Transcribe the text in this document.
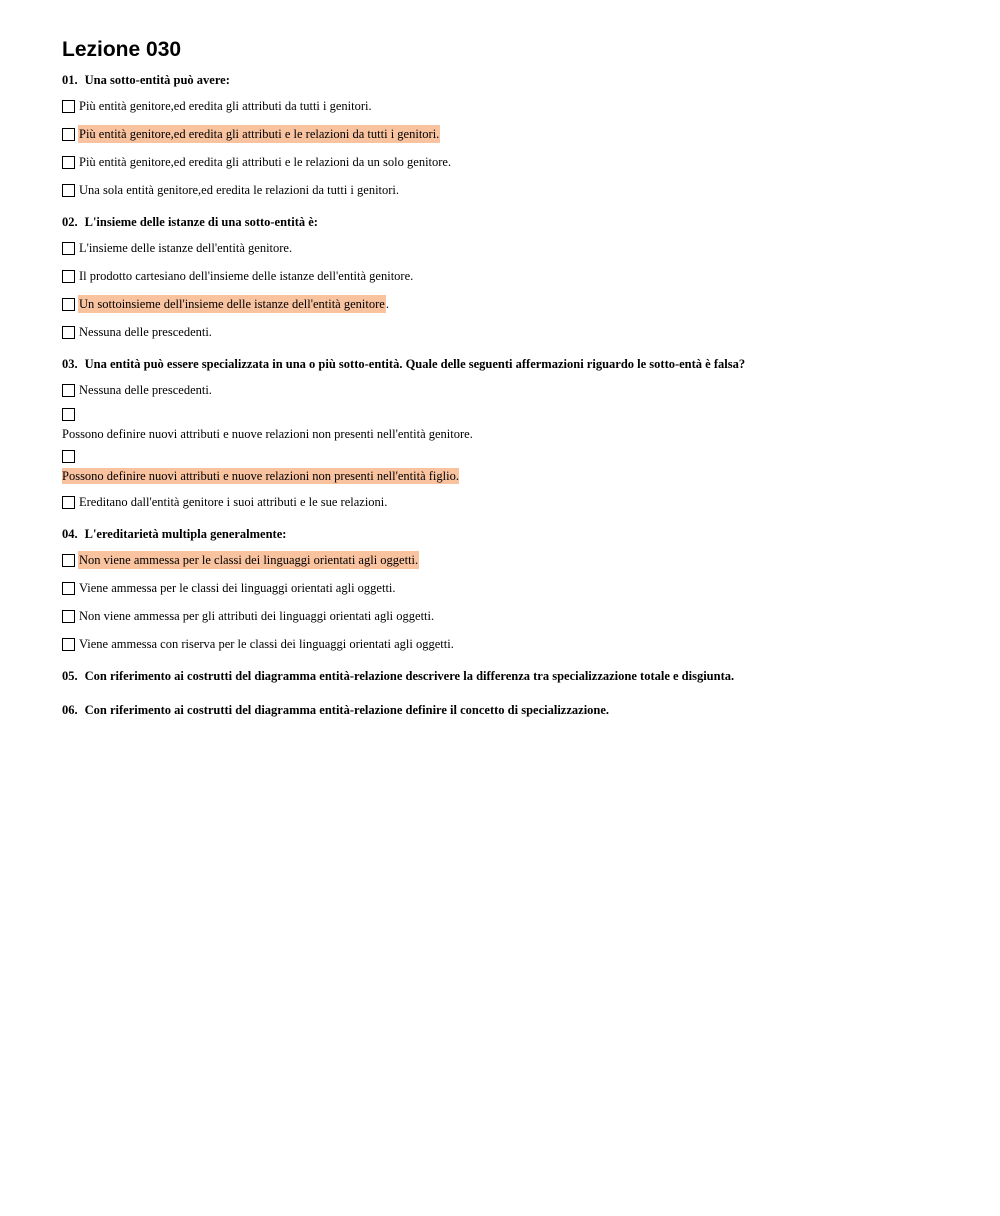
Lezione 030
01. Una sotto-entità può avere:
Più entità genitore,ed eredita gli attributi da tutti i genitori.
Più entità genitore,ed eredita gli attributi e le relazioni da tutti i genitori.
Più entità genitore,ed eredita gli attributi e le relazioni da un solo genitore.
Una sola entità genitore,ed eredita le relazioni da tutti i genitori.
02. L'insieme delle istanze di una sotto-entità è:
L'insieme delle istanze dell'entità genitore.
Il prodotto cartesiano dell'insieme delle istanze dell'entità genitore.
Un sottoinsieme dell'insieme delle istanze dell'entità genitore .
Nessuna delle prescedenti.
03. Una entità può essere specializzata in una o più sotto-entità. Quale delle seguenti affermazioni riguardo le sotto-entà è falsa?
Nessuna delle prescedenti.
Possono definire nuovi attributi e nuove relazioni non presenti nell'entità genitore.
Possono definire nuovi attributi e nuove relazioni non presenti nell'entità figlio.
Ereditano dall'entità genitore i suoi attributi e le sue relazioni.
04. L'ereditarietà multipla generalmente:
Non viene ammessa per le classi dei linguaggi orientati agli oggetti.
Viene ammessa per le classi dei linguaggi orientati agli oggetti.
Non viene ammessa per gli attributi dei linguaggi orientati agli oggetti.
Viene ammessa con riserva per le classi dei linguaggi orientati agli oggetti.
05. Con riferimento ai costrutti del diagramma entità-relazione descrivere la differenza tra specializzazione totale e disgiunta.
06. Con riferimento ai costrutti del diagramma entità-relazione definire il concetto di specializzazione.
